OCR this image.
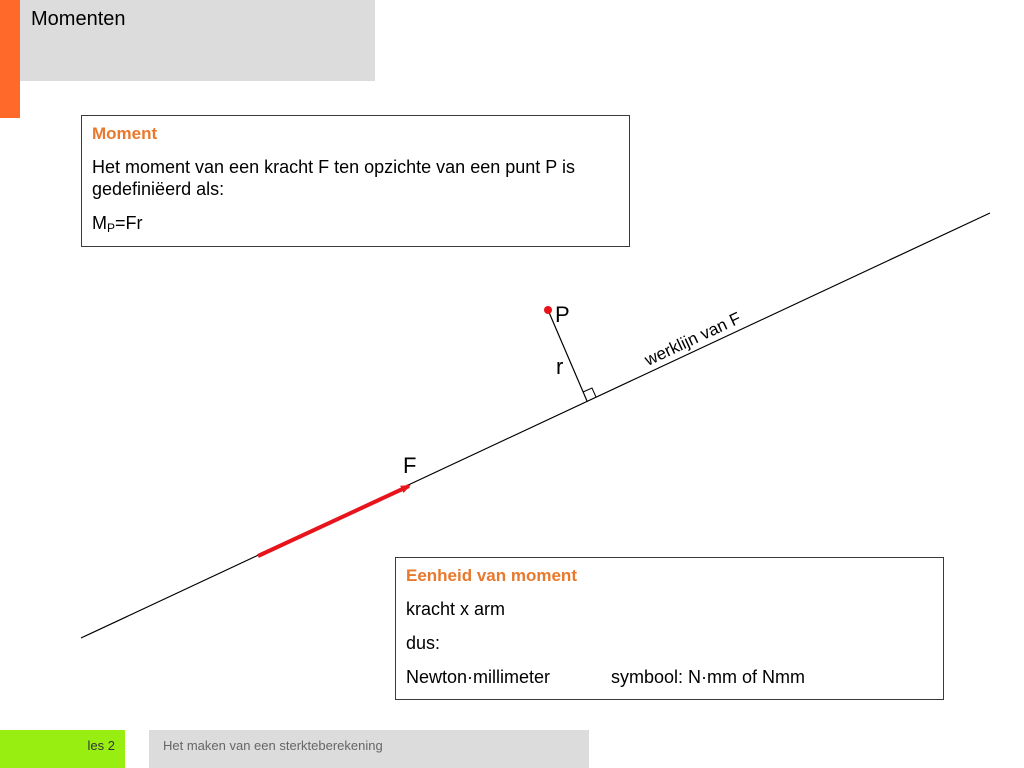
Momenten
Moment

Het moment van een kracht F ten opzichte van een punt P is gedefiniëerd als:

$M_P=Fr$

P
r
F
werklijn van F
Eenheid van moment

kracht x arm

dus:

Newton·millimeter	symbool: N·mm of Nmm

les 2	Het maken van een sterkteberekening
